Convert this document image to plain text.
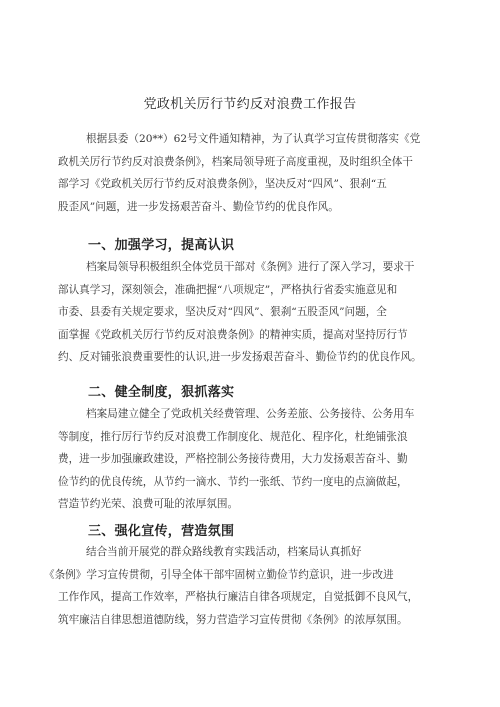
党政机关厉行节约反对浪费工作报告
根据县委（20**）62号文件通知精神，为了认真学习宣传贯彻落实《党
政机关厉行节约反对浪费条例》，档案局领导班子高度重视，及时组织全体干
部学习《党政机关厉行节约反对浪费条例》，坚决反对“四风”、狠刹“五
股歪风”问题，进一步发扬艰苦奋斗、勤俭节约的优良作风。
一、加强学习，提高认识
档案局领导积极组织全体党员干部对《条例》进行了深入学习，要求干
部认真学习，深刻领会，准确把握“八项规定”，严格执行省委实施意见和
市委、县委有关规定要求，坚决反对“四风”、狠刹“五股歪风”问题，全
面掌握《党政机关厉行节约反对浪费条例》的精神实质，提高对坚持厉行节
约、反对铺张浪费重要性的认识,进一步发扬艰苦奋斗、勤俭节约的优良作风。
二、健全制度，狠抓落实
档案局建立健全了党政机关经费管理、公务差旅、公务接待、公务用车
等制度，推行厉行节约反对浪费工作制度化、规范化、程序化，杜绝铺张浪
费，进一步加强廉政建设，严格控制公务接待费用，大力发扬艰苦奋斗、勤
俭节约的优良传统，从节约一滴水、节约一张纸、节约一度电的点滴做起，
营造节约光荣、浪费可耻的浓厚氛围。
三、强化宣传，营造氛围
结合当前开展党的群众路线教育实践活动，档案局认真抓好
《条例》学习宣传贯彻，引导全体干部牢固树立勤俭节约意识，进一步改进
工作作风，提高工作效率，严格执行廉洁自律各项规定，自觉抵御不良风气，
筑牢廉洁自律思想道德防线，努力营造学习宣传贯彻《条例》的浓厚氛围。
